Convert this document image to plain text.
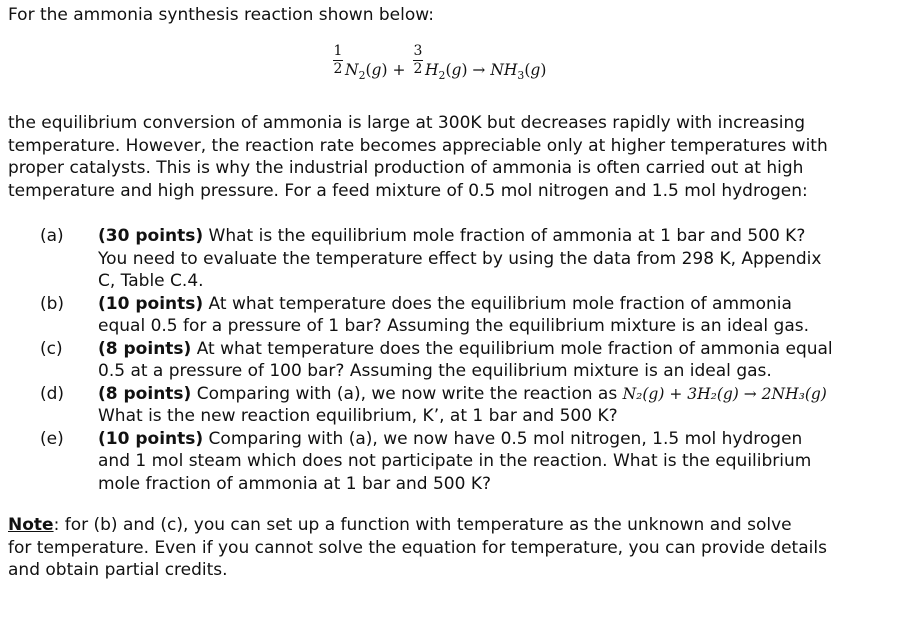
For the ammonia synthesis reaction shown below:
1
2 $N_2(g)$ +
3
2 $H_2(g) \to NH_3(g)$
the equilibrium conversion of ammonia is large at 300K but decreases rapidly with increasing
temperature. However, the reaction rate becomes appreciable only at higher temperatures with
proper catalysts. This is why the industrial production of ammonia is often carried out at high
temperature and high pressure. For a feed mixture of 0.5 mol nitrogen and 1.5 mol hydrogen:
(a) (30 points) What is the equilibrium mole fraction of ammonia at 1 bar and 500 K?
You need to evaluate the temperature effect by using the data from 298 K, Appendix
C, Table C.4.
(b) (10 points) At what temperature does the equilibrium mole fraction of ammonia
equal 0.5 for a pressure of 1 bar? Assuming the equilibrium mixture is an ideal gas.
(c) (8 points) At what temperature does the equilibrium mole fraction of ammonia equal
0.5 at a pressure of 100 bar? Assuming the equilibrium mixture is an ideal gas.
(d) (8 points) Comparing with (a), we now write the reaction as N₂(g) + 3H₂(g) → 2NH₃(g)
What is the new reaction equilibrium, K’, at 1 bar and 500 K?
(e) (10 points) Comparing with (a), we now have 0.5 mol nitrogen, 1.5 mol hydrogen
and 1 mol steam which does not participate in the reaction. What is the equilibrium
mole fraction of ammonia at 1 bar and 500 K?
Note: for (b) and (c), you can set up a function with temperature as the unknown and solve
for temperature. Even if you cannot solve the equation for temperature, you can provide details
and obtain partial credits.
